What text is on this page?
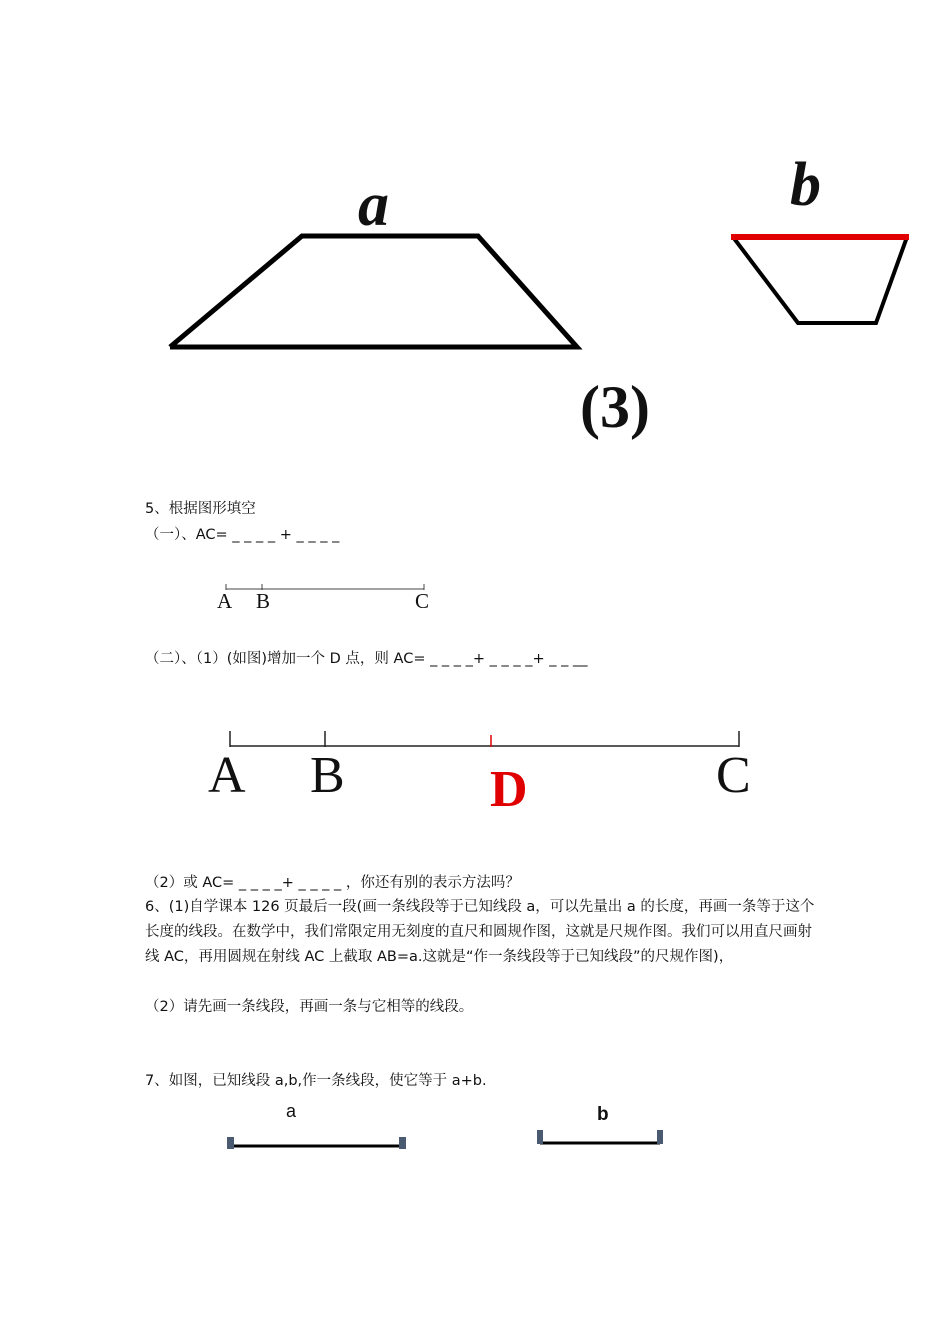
a	b
(3)
5、根据图形填空
（一）、AC= _ _ _ _ + _ _ _ _
A B	C
（二）、（1）(如图)增加一个 D 点，则 AC= _ _ _ _+ _ _ _ _+ _ _ __
A B	D	C
（2）或 AC= _ _ _ _+ _ _ _ _ ，你还有别的表示方法吗？
6、(1)自学课本 126 页最后一段(画一条线段等于已知线段 a，可以先量出 a 的长度，再画一条等于这个长度的线段。在数学中，我们常限定用无刻度的直尺和圆规作图，这就是尺规作图。我们可以用直尺画射线 AC，再用圆规在射线 AC 上截取 AB=a.这就是“作一条线段等于已知线段”的尺规作图)，
（2）请先画一条线段，再画一条与它相等的线段。
7、如图，已知线段 a,b,作一条线段，使它等于 a+b.
a	b
